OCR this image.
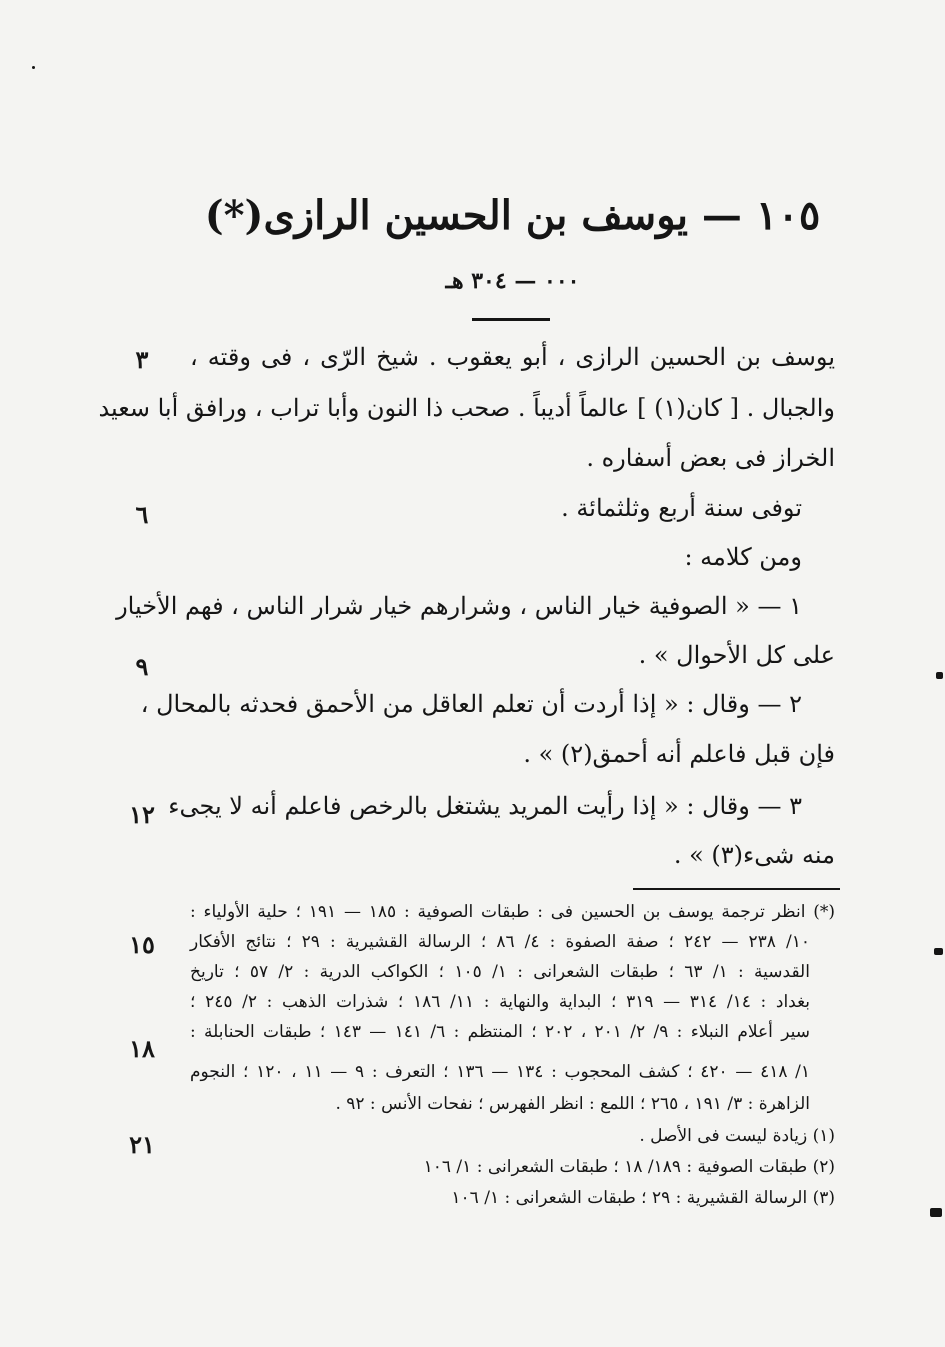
١٠٥ — يوسف بن الحسين الرازى(*)
٠٠٠ — ٣٠٤ هـ
يوسف بن الحسين الرازى ، أبو يعقوب . شيخ الرّى ، فى وقته ،
والجبال . [ كان(١) ] عالماً أديباً . صحب ذا النون وأبا تراب ، ورافق أبا سعيد
الخراز فى بعض أسفاره .
توفى سنة أربع وثلثمائة .
ومن كلامه :
١ — « الصوفية خيار الناس ، وشرارهم خيار شرار الناس ، فهم الأخيار
على كل الأحوال » .
٢ — وقال : « إذا أردت أن تعلم العاقل من الأحمق فحدثه بالمحال ،
فإن قبل فاعلم أنه أحمق(٢) » .
٣ — وقال : « إذا رأيت المريد يشتغل بالرخص فاعلم أنه لا يجىء
منه شىء(٣) » .
(*) انظر ترجمة يوسف بن الحسين فى : طبقات الصوفية : ١٨٥ — ١٩١ ؛ حلية الأولياء :
١٠/ ٢٣٨ — ٢٤٢ ؛ صفة الصفوة : ٤/ ٨٦ ؛ الرسالة القشيرية : ٢٩ ؛ نتائج الأفكار
القدسية : ١/ ٦٣ ؛ طبقات الشعرانى : ١/ ١٠٥ ؛ الكواكب الدرية : ٢/ ٥٧ ؛ تاريخ
بغداد : ١٤/ ٣١٤ — ٣١٩ ؛ البداية والنهاية : ١١/ ١٨٦ ؛ شذرات الذهب : ٢/ ٢٤٥ ؛
سير أعلام النبلاء : ٩/ ٢/ ٢٠١ ، ٢٠٢ ؛ المنتظم : ٦/ ١٤١ — ١٤٣ ؛ طبقات الحنابلة :
١/ ٤١٨ — ٤٢٠ ؛ كشف المحجوب : ١٣٤ — ١٣٦ ؛ التعرف : ٩ — ١١ ، ١٢٠ ؛ النجوم
الزاهرة : ٣/ ١٩١ ، ٢٦٥ ؛ اللمع : انظر الفهرس ؛ نفحات الأنس : ٩٢ .
(١) زيادة ليست فى الأصل .
(٢) طبقات الصوفية : ١٨٩/ ١٨ ؛ طبقات الشعرانى : ١/ ١٠٦
(٣) الرسالة القشيرية : ٢٩ ؛ طبقات الشعرانى : ١/ ١٠٦
٣
٦
٩
١٢
١٥
١٨
٢١
